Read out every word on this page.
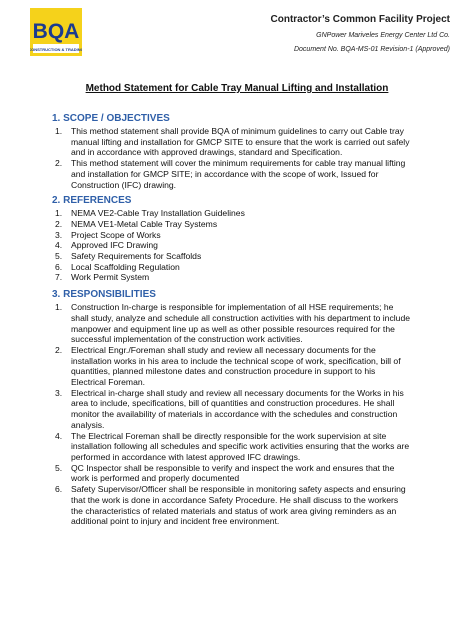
BQA
CONSTRUCTION & TRADING
Contractor’s Common Facility Project
GNPower Mariveles Energy Center Ltd Co.
Document No. BQA-MS-01 Revision-1 (Approved)
Method Statement for Cable Tray Manual Lifting and Installation
1. SCOPE / OBJECTIVES
1. This method statement shall provide BQA of minimum guidelines to carry out Cable tray
manual lifting and installation for GMCP SITE to ensure that the work is carried out safely
and in accordance with approved drawings, standard and Specification.
2. This method statement will cover the minimum requirements for cable tray manual lifting
and installation for GMCP SITE; in accordance with the scope of work, Issued for
Construction (IFC) drawing.
2. REFERENCES
1. NEMA VE2-Cable Tray Installation Guidelines
2. NEMA VE1-Metal Cable Tray Systems
3. Project Scope of Works
4. Approved IFC Drawing
5. Safety Requirements for Scaffolds
6. Local Scaffolding Regulation
7. Work Permit System
3. RESPONSIBILITIES
1. Construction In-charge is responsible for implementation of all HSE requirements; he
shall study, analyze and schedule all construction activities with his department to include
manpower and equipment line up as well as other possible resources required for the
successful implementation of the construction work activities.
2. Electrical Engr./Foreman shall study and review all necessary documents for the
installation works in his area to include the technical scope of work, specification, bill of
quantities, planned milestone dates and construction procedure in support to his
Electrical Foreman.
3. Electrical in-charge shall study and review all necessary documents for the Works in his
area to include, specifications, bill of quantities and construction procedures. He shall
monitor the availability of materials in accordance with the schedules and construction
analysis.
4. The Electrical Foreman shall be directly responsible for the work supervision at site
installation following all schedules and specific work activities ensuring that the works are
performed in accordance with latest approved IFC drawings.
5. QC Inspector shall be responsible to verify and inspect the work and ensures that the
work is performed and properly documented
6. Safety Supervisor/Officer shall be responsible in monitoring safety aspects and ensuring
that the work is done in accordance Safety Procedure. He shall discuss to the workers
the characteristics of related materials and status of work area giving reminders as an
additional point to injury and incident free environment.
